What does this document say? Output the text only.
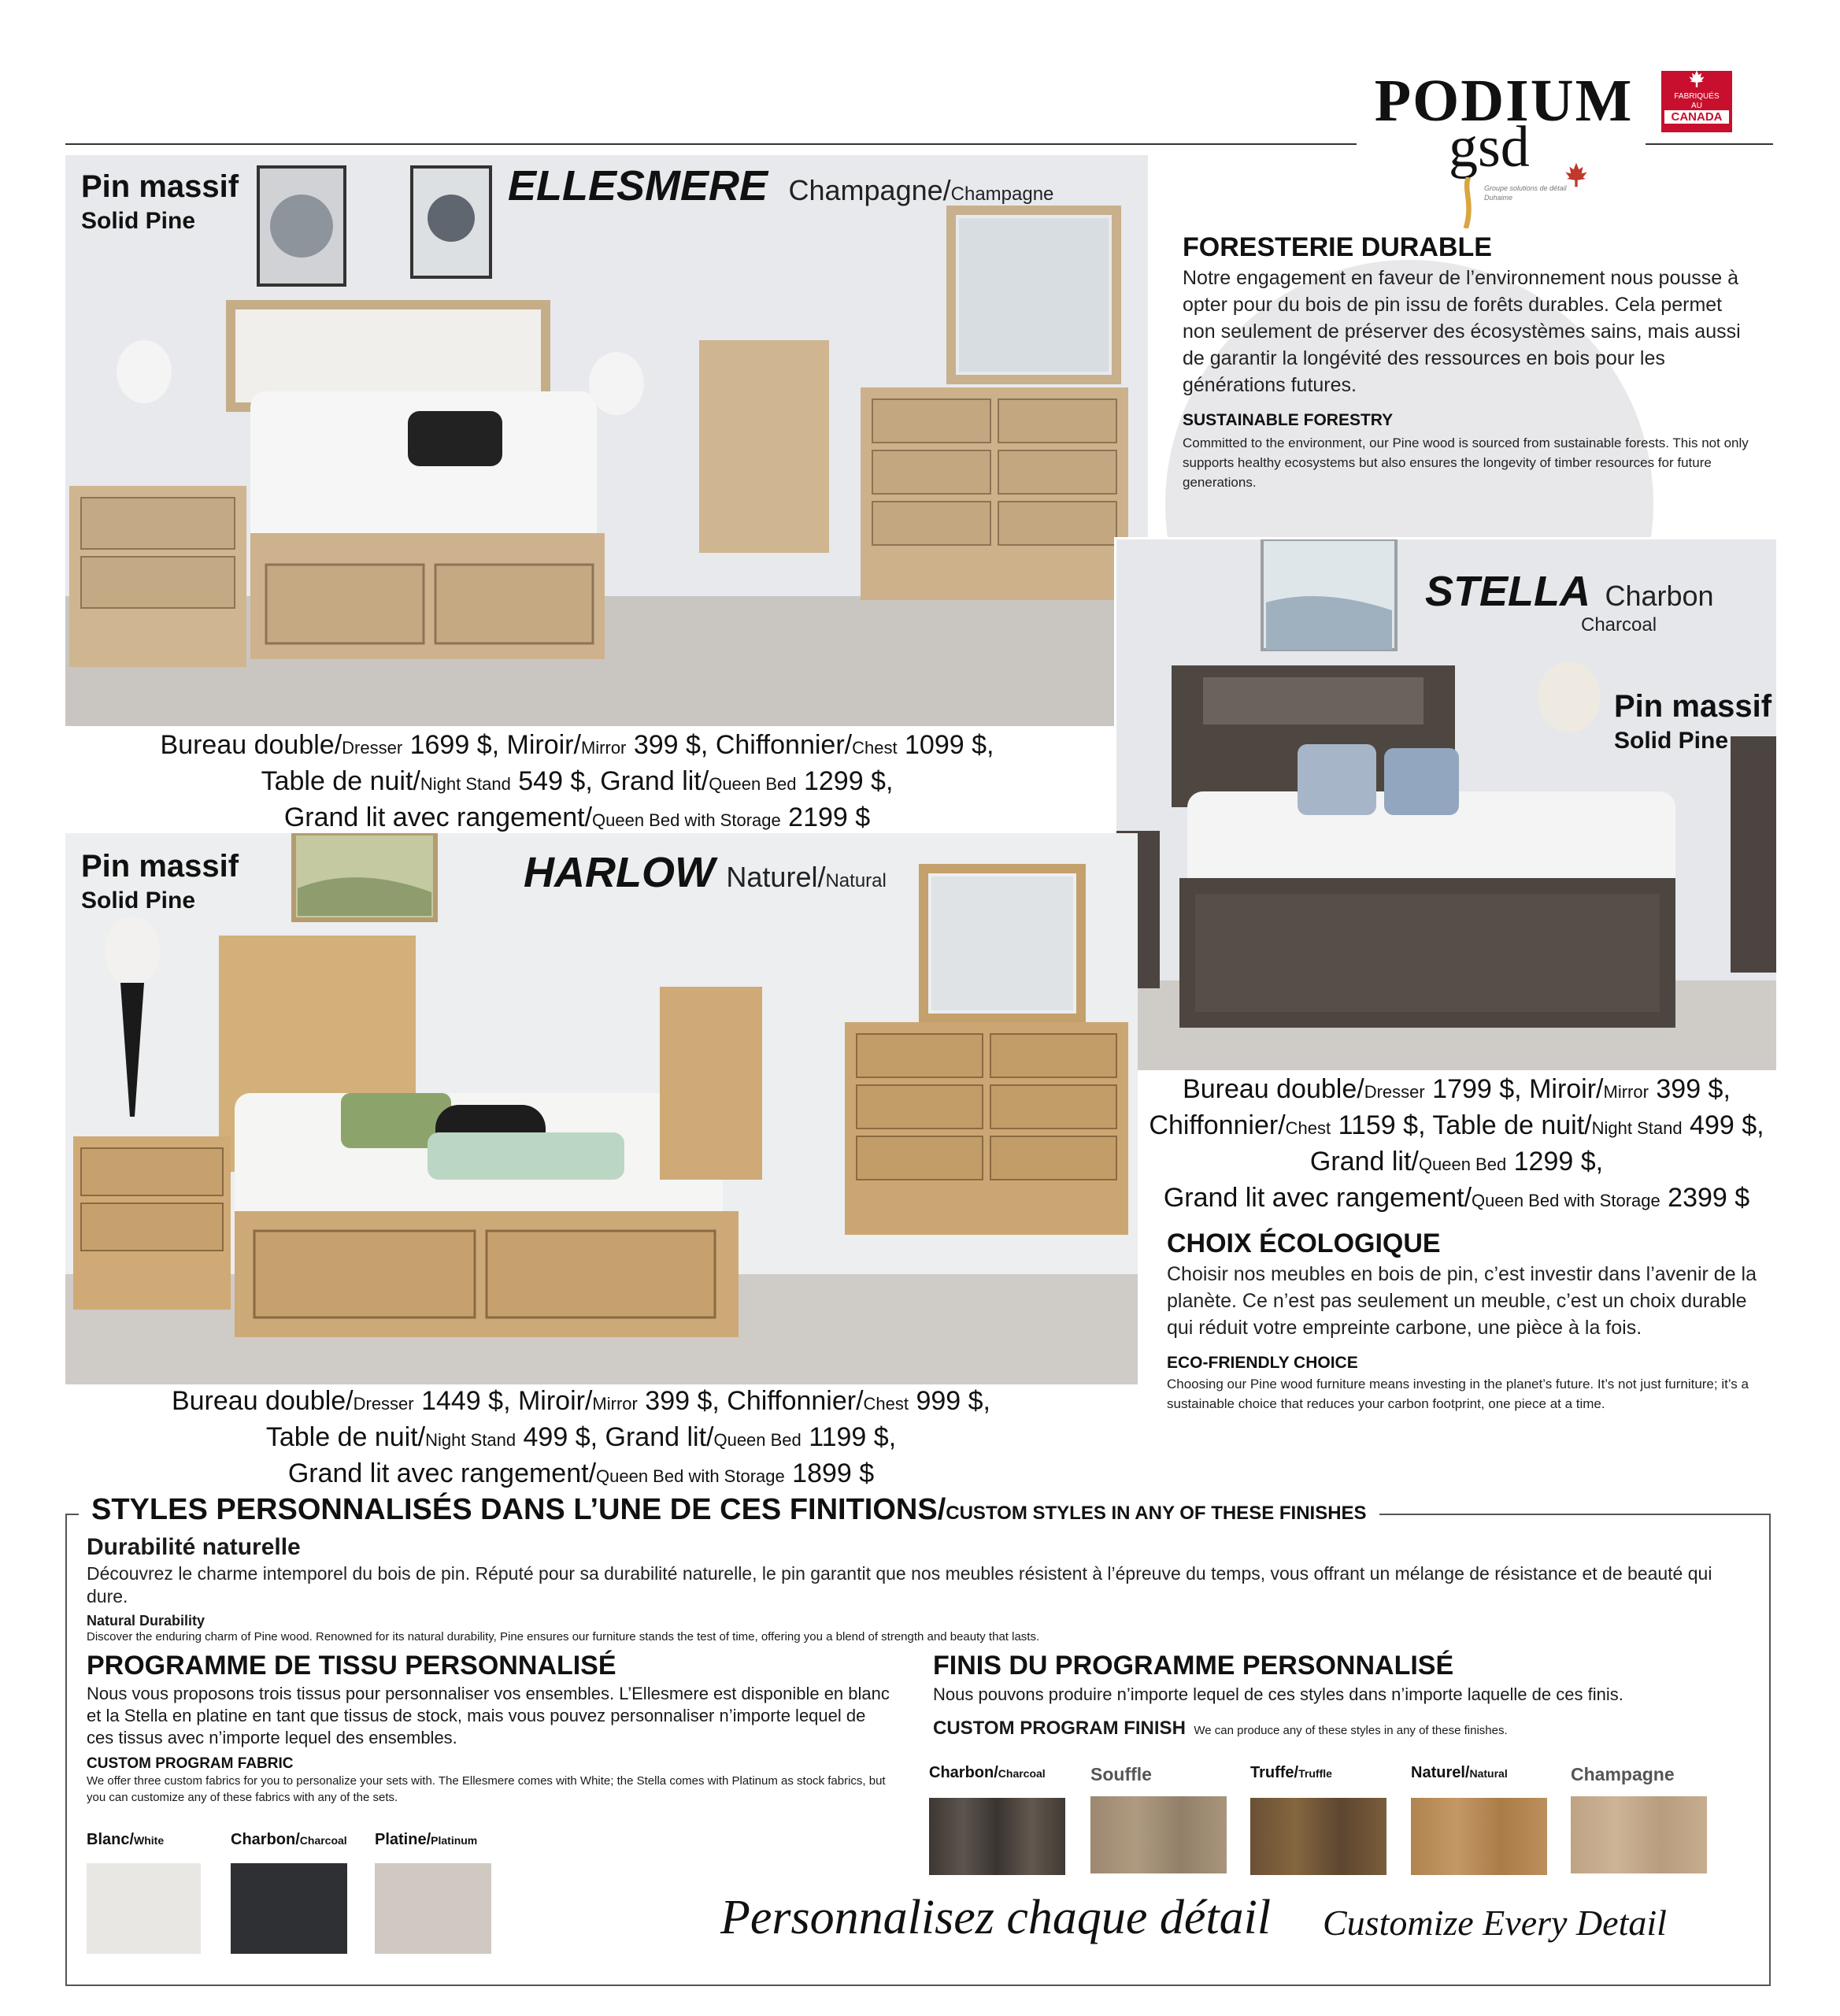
PODIUM
gsd
Groupe solutions de détail Duhaime
FABRIQUÉS
AU
CANADA
Pin massif
Solid Pine
ELLESMERE Champagne/Champagne
Bureau double/Dresser 1699 $, Miroir/Mirror 399 $, Chiffonnier/Chest 1099 $,
Table de nuit/Night Stand 549 $, Grand lit/Queen Bed 1299 $,
Grand lit avec rangement/Queen Bed with Storage 2199 $
FORESTERIE DURABLE
Notre engagement en faveur de l’environnement nous pousse à opter pour du bois de pin issu de forêts durables. Cela permet non seulement de préserver des écosystèmes sains, mais aussi de garantir la longévité des ressources en bois pour les générations futures.
SUSTAINABLE FORESTRY
Committed to the environment, our Pine wood is sourced from sustainable forests. This not only supports healthy ecosystems but also ensures the longevity of timber resources for future generations.
STELLA Charbon
Charcoal
Pin massif
Solid Pine
Bureau double/Dresser 1799 $, Miroir/Mirror 399 $,
Chiffonnier/Chest 1159 $, Table de nuit/Night Stand 499 $,
Grand lit/Queen Bed 1299 $,
Grand lit avec rangement/Queen Bed with Storage 2399 $
Pin massif
Solid Pine
HARLOW Naturel/Natural
Bureau double/Dresser 1449 $, Miroir/Mirror 399 $, Chiffonnier/Chest 999 $,
Table de nuit/Night Stand 499 $, Grand lit/Queen Bed 1199 $,
Grand lit avec rangement/Queen Bed with Storage 1899 $
CHOIX ÉCOLOGIQUE
Choisir nos meubles en bois de pin, c’est investir dans l’avenir de la planète. Ce n’est pas seulement un meuble, c’est un choix durable qui réduit votre empreinte carbone, une pièce à la fois.
ECO-FRIENDLY CHOICE
Choosing our Pine wood furniture means investing in the planet’s future. It’s not just furniture; it’s a sustainable choice that reduces your carbon footprint, one piece at a time.
STYLES PERSONNALISÉS DANS L’UNE DE CES FINITIONS/CUSTOM STYLES IN ANY OF THESE FINISHES
Durabilité naturelle
Découvrez le charme intemporel du bois de pin. Réputé pour sa durabilité naturelle, le pin garantit que nos meubles résistent à l’épreuve du temps, vous offrant un mélange de résistance et de beauté qui dure.
Natural Durability
Discover the enduring charm of Pine wood. Renowned for its natural durability, Pine ensures our furniture stands the test of time, offering you a blend of strength and beauty that lasts.
PROGRAMME DE TISSU PERSONNALISÉ
Nous vous proposons trois tissus pour personnaliser vos ensembles. L’Ellesmere est disponible en blanc et la Stella en platine en tant que tissus de stock, mais vous pouvez personnaliser n’importe lequel de ces tissus avec n’importe lequel des ensembles.
CUSTOM PROGRAM FABRIC
We offer three custom fabrics for you to personalize your sets with. The Ellesmere comes with White; the Stella comes with Platinum as stock fabrics, but you can customize any of these fabrics with any of the sets.
Blanc/White	Charbon/Charcoal Platine/Platinum
FINIS DU PROGRAMME PERSONNALISÉ
Nous pouvons produire n’importe lequel de ces styles dans n’importe laquelle de ces finis.
CUSTOM PROGRAM FINISH We can produce any of these styles in any of these finishes.
Charbon/Charcoal	Souffle	Truffe/Truffle	Naturel/Natural	Champagne
Personnalisez chaque détail Customize Every Detail
